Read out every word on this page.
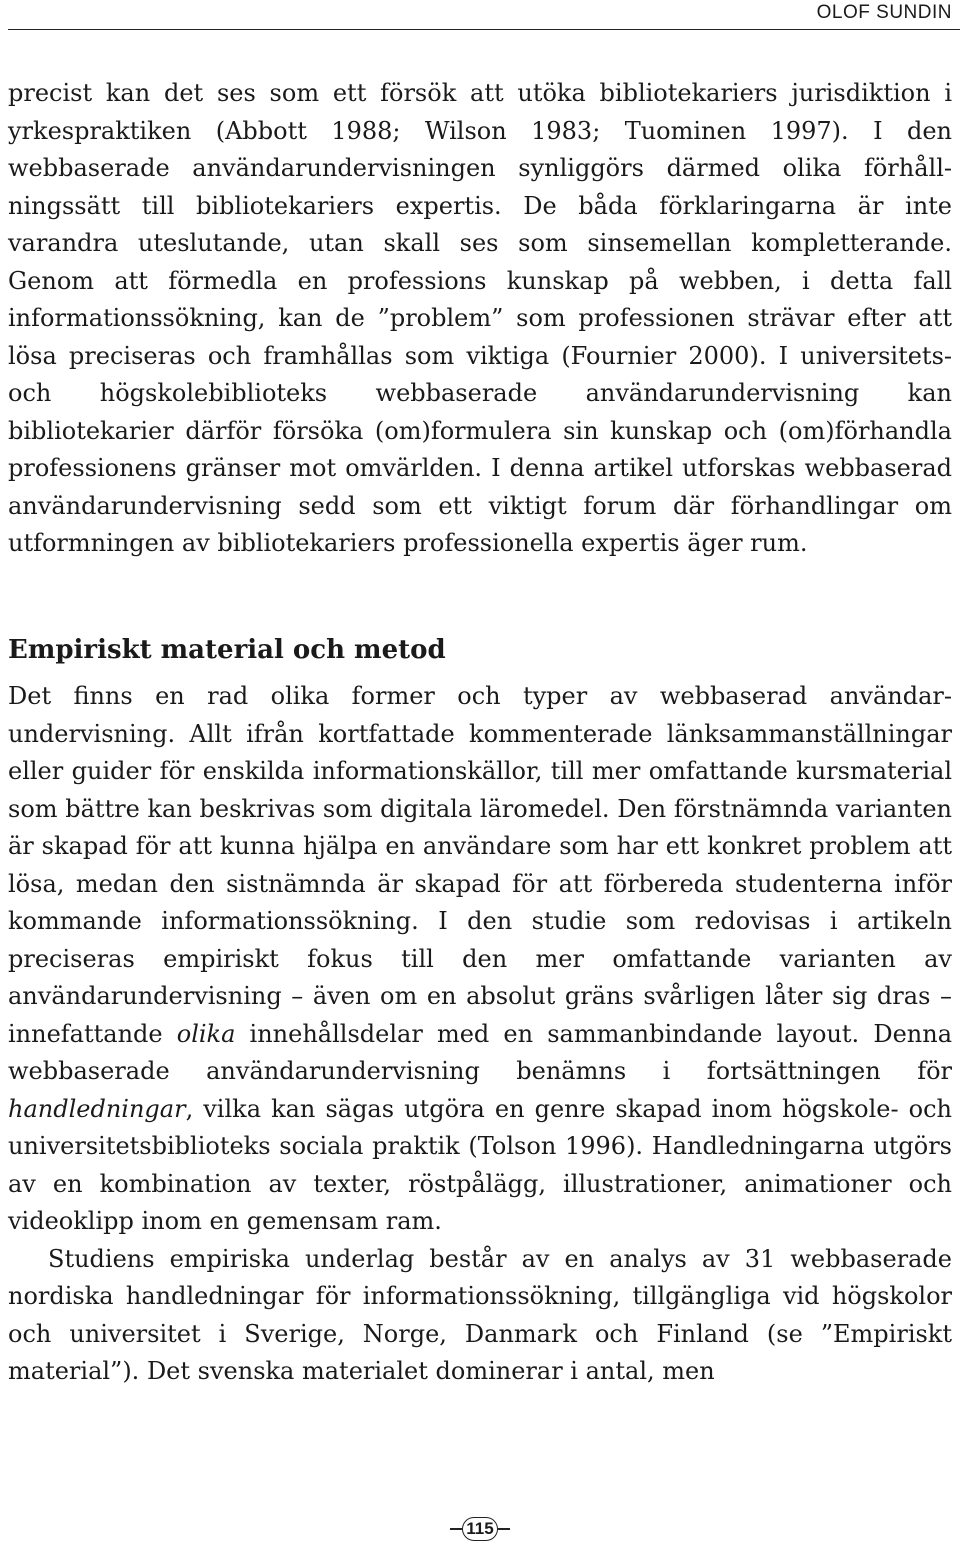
OLOF SUNDIN

precist kan det ses som ett försök att utöka bibliotekariers jurisdiktion i yrkespraktiken (Abbott 1988; Wilson 1983; Tuominen 1997). I den webbaserade användarundervisningen synliggörs därmed olika förhållningssätt till bibliotekariers expertis. De båda förklaringarna är inte varandra uteslutande, utan skall ses som sinsemellan kompletterande. Genom att förmedla en professions kunskap på webben, i detta fall informationssökning, kan de ”problem” som professionen strävar efter att lösa preciseras och framhållas som viktiga (Fournier 2000). I universitets- och högskolebiblioteks webbaserade användarundervisning kan bibliotekarier därför försöka (om)formulera sin kunskap och (om)förhandla professionens gränser mot omvärlden. I denna artikel utforskas webbaserad användarundervisning sedd som ett viktigt forum där förhandlingar om utformningen av bibliotekariers professionella expertis äger rum.

Empiriskt material och metod

Det finns en rad olika former och typer av webbaserad användarundervisning. Allt ifrån kortfattade kommenterade länksammanställningar eller guider för enskilda informationskällor, till mer omfattande kursmaterial som bättre kan beskrivas som digitala läromedel. Den förstnämnda varianten är skapad för att kunna hjälpa en användare som har ett konkret problem att lösa, medan den sistnämnda är skapad för att förbereda studenterna inför kommande informationssökning. I den studie som redovisas i artikeln preciseras empiriskt fokus till den mer omfattande varianten av användarundervisning – även om en absolut gräns svårligen låter sig dras – innefattande olika innehållsdelar med en sammanbindande layout. Denna webbaserade användarundervisning benämns i fortsättningen för handledningar, vilka kan sägas utgöra en genre skapad inom högskole- och universitetsbiblioteks sociala praktik (Tolson 1996). Handledningarna utgörs av en kombination av texter, röstpålägg, illustrationer, animationer och videoklipp inom en gemensam ram.

Studiens empiriska underlag består av en analys av 31 webbaserade nordiska handledningar för informationssökning, tillgängliga vid högskolor och universitet i Sverige, Norge, Danmark och Finland (se ”Empiriskt material”). Det svenska materialet dominerar i antal, men

115
